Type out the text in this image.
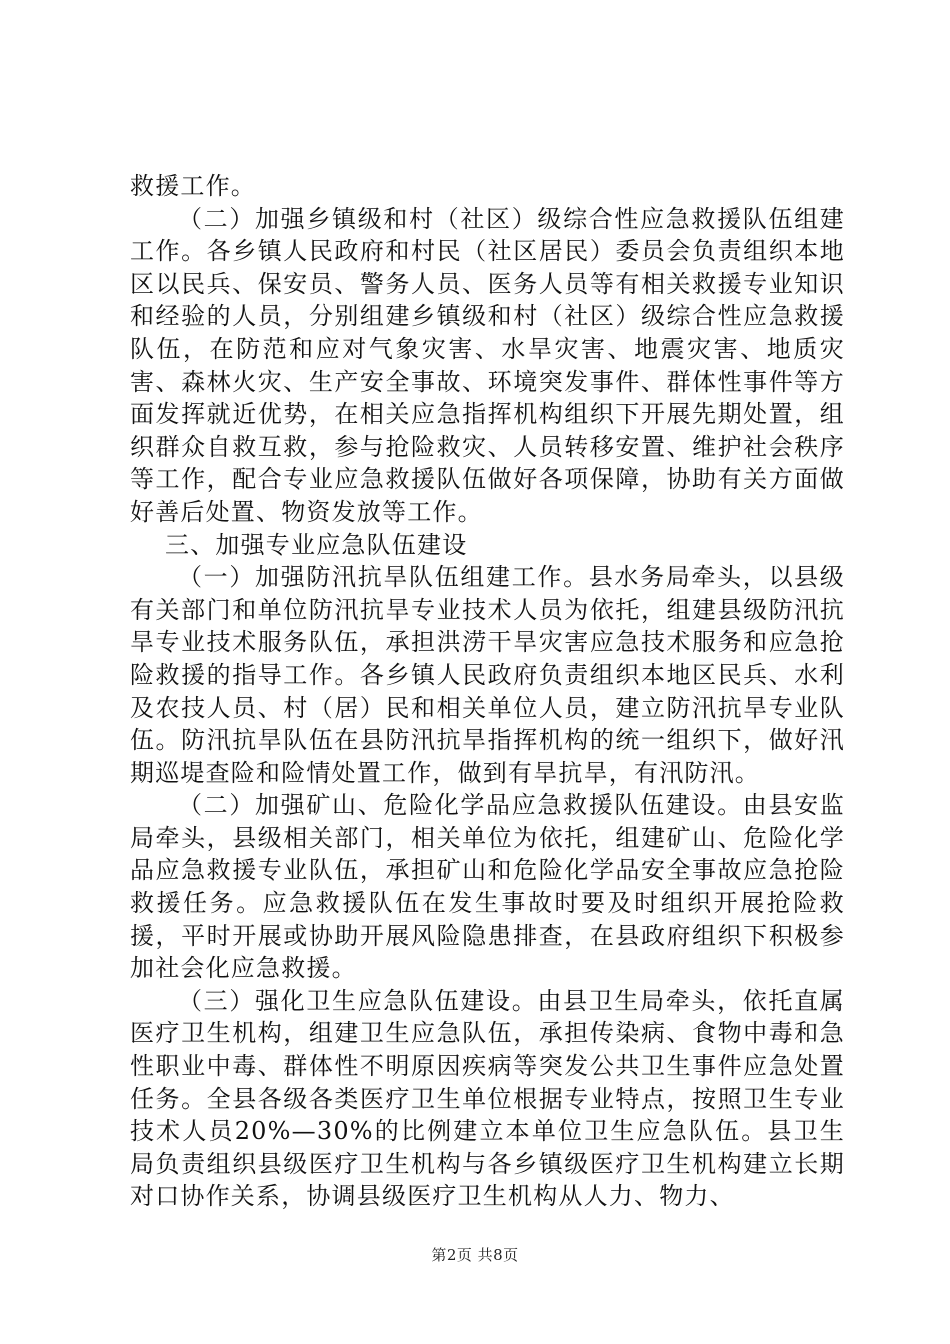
救援工作。

（二）加强乡镇级和村（社区）级综合性应急救援队伍组建工作。各乡镇人民政府和村民（社区居民）委员会负责组织本地区以民兵、保安员、警务人员、医务人员等有相关救援专业知识和经验的人员，分别组建乡镇级和村（社区）级综合性应急救援队伍，在防范和应对气象灾害、水旱灾害、地震灾害、地质灾害、森林火灾、生产安全事故、环境突发事件、群体性事件等方面发挥就近优势，在相关应急指挥机构组织下开展先期处置，组织群众自救互救，参与抢险救灾、人员转移安置、维护社会秩序等工作，配合专业应急救援队伍做好各项保障，协助有关方面做好善后处置、物资发放等工作。

三、加强专业应急队伍建设

（一）加强防汛抗旱队伍组建工作。县水务局牵头，以县级有关部门和单位防汛抗旱专业技术人员为依托，组建县级防汛抗旱专业技术服务队伍，承担洪涝干旱灾害应急技术服务和应急抢险救援的指导工作。各乡镇人民政府负责组织本地区民兵、水利及农技人员、村（居）民和相关单位人员，建立防汛抗旱专业队伍。防汛抗旱队伍在县防汛抗旱指挥机构的统一组织下，做好汛期巡堤查险和险情处置工作，做到有旱抗旱，有汛防汛。

（二）加强矿山、危险化学品应急救援队伍建设。由县安监局牵头，县级相关部门，相关单位为依托，组建矿山、危险化学品应急救援专业队伍，承担矿山和危险化学品安全事故应急抢险救援任务。应急救援队伍在发生事故时要及时组织开展抢险救援，平时开展或协助开展风险隐患排查，在县政府组织下积极参加社会化应急救援。

（三）强化卫生应急队伍建设。由县卫生局牵头，依托直属医疗卫生机构，组建卫生应急队伍，承担传染病、食物中毒和急性职业中毒、群体性不明原因疾病等突发公共卫生事件应急处置任务。全县各级各类医疗卫生单位根据专业特点，按照卫生专业技术人员20%—30%的比例建立本单位卫生应急队伍。县卫生局负责组织县级医疗卫生机构与各乡镇级医疗卫生机构建立长期对口协作关系，协调县级医疗卫生机构从人力、物力、

第2页 共8页
